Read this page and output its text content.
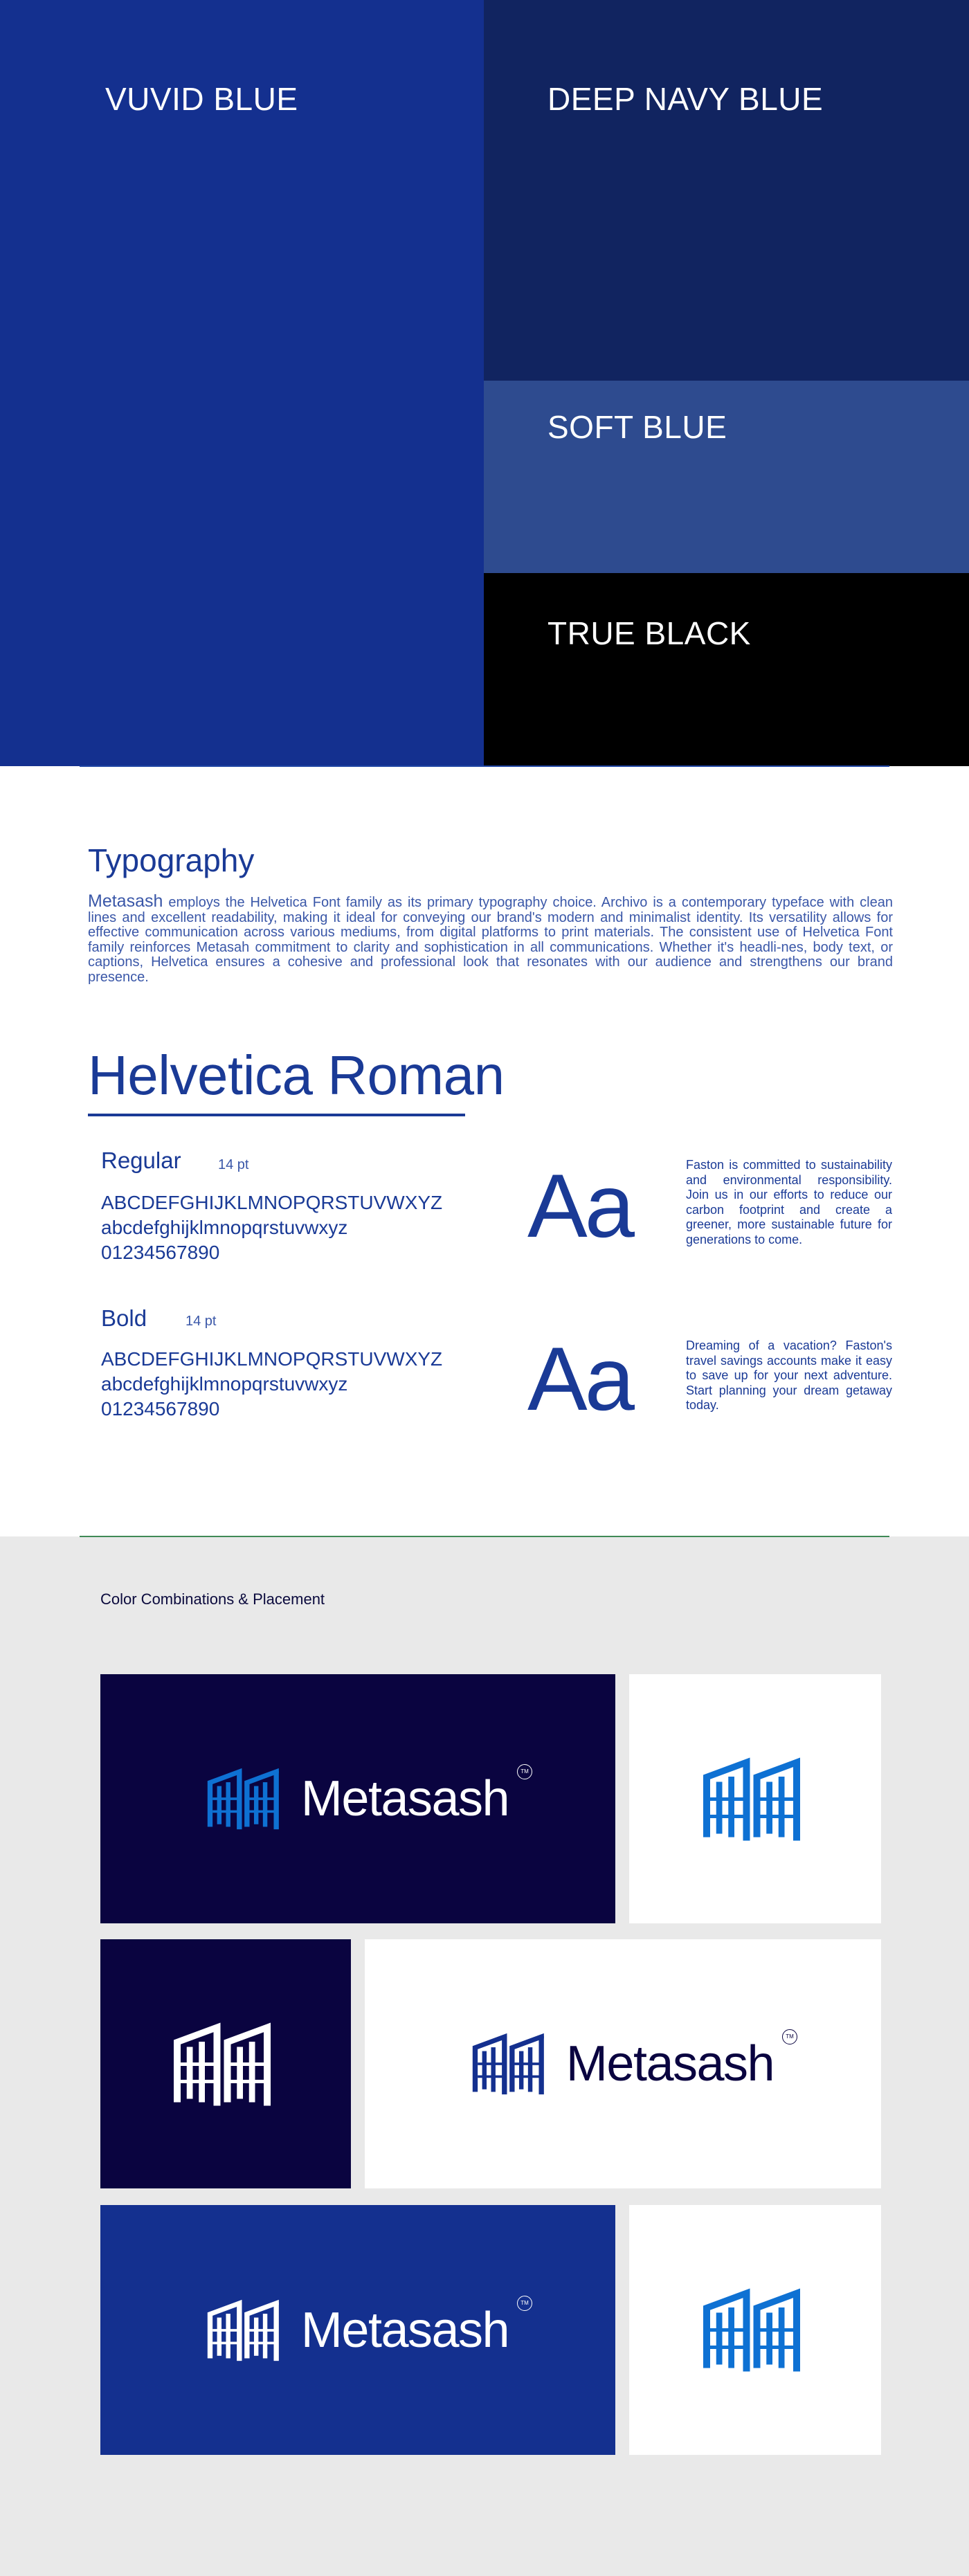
VUVID BLUE	DEEP NAVY BLUE
SOFT BLUE
TRUE BLACK
Typography
Metasash employs the Helvetica Font family as its primary typography choice. Archivo is a contemporary typeface with clean lines and excellent readability, making it ideal for conveying our brand's modern and minimalist identity. Its versatility allows for effective communication across various mediums, from digital platforms to print materials. The consistent use of Helvetica Font family reinforces Metasah commitment to clarity and sophistication in all communications. Whether it's headli-nes, body text, or captions, Helvetica ensures a cohesive and professional look that resonates with our audience and strengthens our brand presence.
Helvetica Roman
Regular	14 pt
ABCDEFGHIJKLMNOPQRSTUVWXYZ
abcdefghijklmnopqrstuvwxyz
01234567890	Aa	Faston is committed to sustainability and environmental responsibility. Join us in our efforts to reduce our carbon footprint and create a greener, more sustainable future for generations to come.
Bold	14 pt
ABCDEFGHIJKLMNOPQRSTUVWXYZ
abcdefghijklmnopqrstuvwxyz
01234567890	Aa	Dreaming of a vacation? Faston's travel savings accounts make it easy to save up for your next adventure. Start planning your dream getaway today.
Color Combinations & Placement
Metasash	TM
Metasash	TM
Metasash	TM
